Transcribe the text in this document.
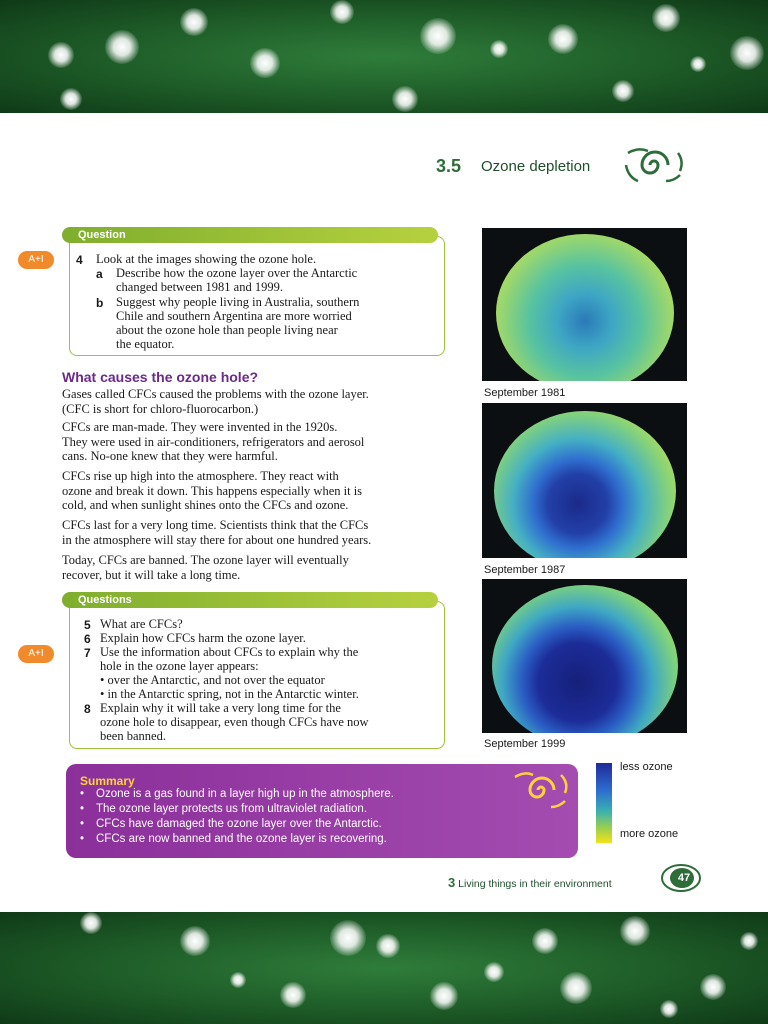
3.5 Ozone depletion
A+I
A+I
Question
4 Look at the images showing the ozone hole.
a Describe how the ozone layer over the Antarctic
changed between 1981 and 1999.
b Suggest why people living in Australia, southern
Chile and southern Argentina are more worried
about the ozone hole than people living near
the equator.
What causes the ozone hole?
Gases called CFCs caused the problems with the ozone layer.
(CFC is short for chloro-fluorocarbon.)
CFCs are man-made. They were invented in the 1920s.
They were used in air-conditioners, refrigerators and aerosol
cans. No-one knew that they were harmful.
CFCs rise up high into the atmosphere. They react with
ozone and break it down. This happens especially when it is
cold, and when sunlight shines onto the CFCs and ozone.
CFCs last for a very long time. Scientists think that the CFCs
in the atmosphere will stay there for about one hundred years.
Today, CFCs are banned. The ozone layer will eventually
recover, but it will take a long time.
Questions
5 What are CFCs?
6 Explain how CFCs harm the ozone layer.
7 Use the information about CFCs to explain why the
hole in the ozone layer appears:
• over the Antarctic, and not over the equator
• in the Antarctic spring, not in the Antarctic winter.
8 Explain why it will take a very long time for the
ozone hole to disappear, even though CFCs have now
been banned.
September 1981
September 1987
September 1999
less ozone
more ozone
Summary
• Ozone is a gas found in a layer high up in the atmosphere.
• The ozone layer protects us from ultraviolet radiation.
• CFCs have damaged the ozone layer over the Antarctic.
• CFCs are now banned and the ozone layer is recovering.
3 Living things in their environment	47
